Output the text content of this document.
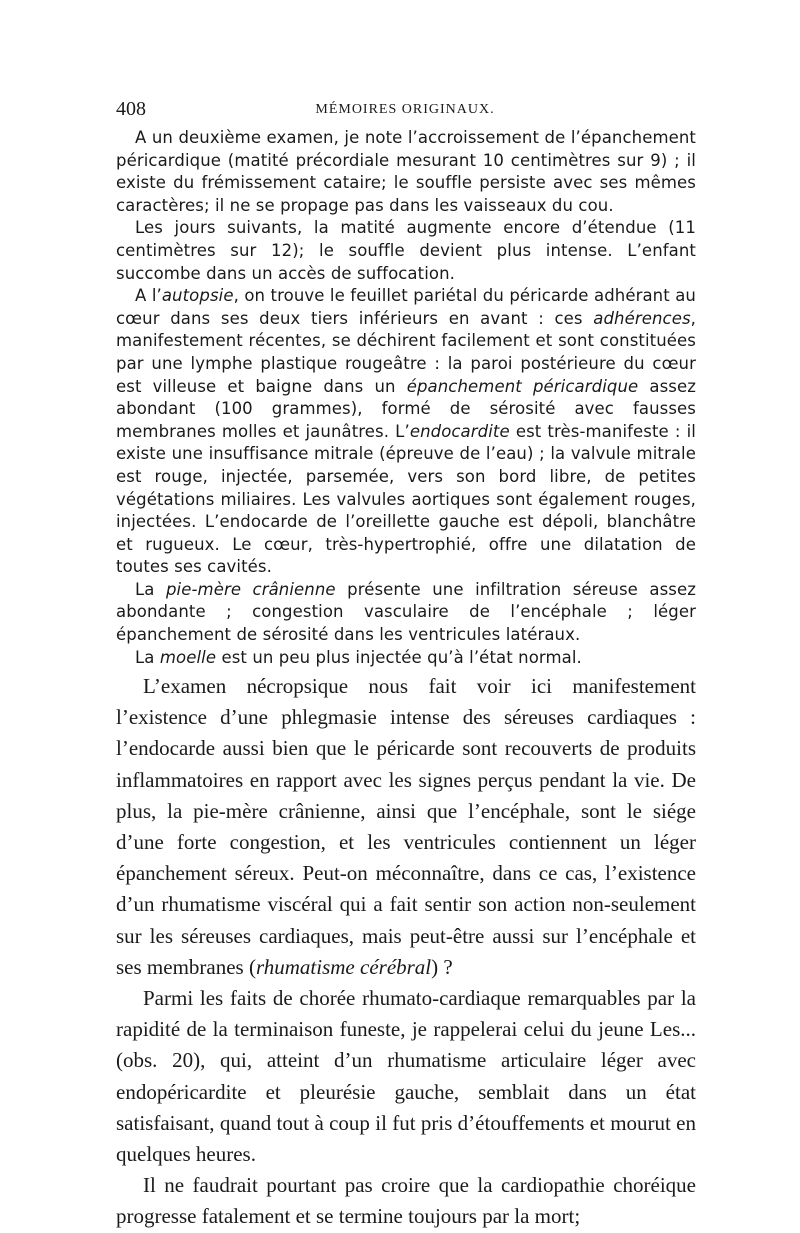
408	MÉMOIRES ORIGINAUX.

A un deuxième examen, je note l’accroissement de l’épanchement péricardique (matité précordiale mesurant 10 centimètres sur 9) ; il existe du frémissement cataire; le souffle persiste avec ses mêmes caractères; il ne se propage pas dans les vaisseaux du cou.

Les jours suivants, la matité augmente encore d’étendue (11 centimètres sur 12); le souffle devient plus intense. L’enfant succombe dans un accès de suffocation.

A l’autopsie, on trouve le feuillet pariétal du péricarde adhérant au cœur dans ses deux tiers inférieurs en avant : ces adhérences, manifestement récentes, se déchirent facilement et sont constituées par une lymphe plastique rougeâtre : la paroi postérieure du cœur est villeuse et baigne dans un épanchement péricardique assez abondant (100 grammes), formé de sérosité avec fausses membranes molles et jaunâtres. L’endocardite est très-manifeste : il existe une insuffisance mitrale (épreuve de l’eau) ; la valvule mitrale est rouge, injectée, parsemée, vers son bord libre, de petites végétations miliaires. Les valvules aortiques sont également rouges, injectées. L’endocarde de l’oreillette gauche est dépoli, blanchâtre et rugueux. Le cœur, très-hypertrophié, offre une dilatation de toutes ses cavités.

La pie-mère crânienne présente une infiltration séreuse assez abondante ; congestion vasculaire de l’encéphale ; léger épanchement de sérosité dans les ventricules latéraux.

La moelle est un peu plus injectée qu’à l’état normal.

L’examen nécropsique nous fait voir ici manifestement l’existence d’une phlegmasie intense des séreuses cardiaques : l’endocarde aussi bien que le péricarde sont recouverts de produits inflammatoires en rapport avec les signes perçus pendant la vie. De plus, la pie-mère crânienne, ainsi que l’encéphale, sont le siége d’une forte congestion, et les ventricules contiennent un léger épanchement séreux. Peut-on méconnaître, dans ce cas, l’existence d’un rhumatisme viscéral qui a fait sentir son action non-seulement sur les séreuses cardiaques, mais peut-être aussi sur l’encéphale et ses membranes (rhumatisme cérébral) ?

Parmi les faits de chorée rhumato-cardiaque remarquables par la rapidité de la terminaison funeste, je rappelerai celui du jeune Les... (obs. 20), qui, atteint d’un rhumatisme articulaire léger avec endopéricardite et pleurésie gauche, semblait dans un état satisfaisant, quand tout à coup il fut pris d’étouffements et mourut en quelques heures.

Il ne faudrait pourtant pas croire que la cardiopathie choréique progresse fatalement et se termine toujours par la mort;
